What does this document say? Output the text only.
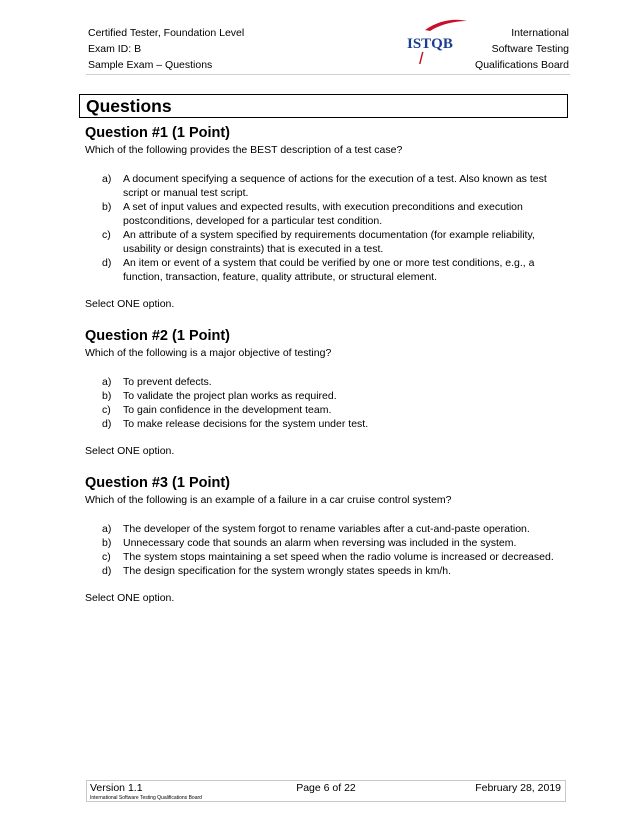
Certified Tester, Foundation Level
Exam ID: B
Sample Exam – Questions
ISTQB
International
Software Testing
Qualifications Board
Questions
Question #1 (1 Point)

Which of the following provides the BEST description of a test case?

a) A document specifying a sequence of actions for the execution of a test. Also known as test
script or manual test script.
b) A set of input values and expected results, with execution preconditions and execution
postconditions, developed for a particular test condition.
c) An attribute of a system specified by requirements documentation (for example reliability,
usability or design constraints) that is executed in a test.
d) An item or event of a system that could be verified by one or more test conditions, e.g., a
function, transaction, feature, quality attribute, or structural element.

Select ONE option.

Question #2 (1 Point)

Which of the following is a major objective of testing?

a) To prevent defects.
b) To validate the project plan works as required.
c) To gain confidence in the development team.
d) To make release decisions for the system under test.

Select ONE option.

Question #3 (1 Point)

Which of the following is an example of a failure in a car cruise control system?

a) The developer of the system forgot to rename variables after a cut-and-paste operation.
b) Unnecessary code that sounds an alarm when reversing was included in the system.
c) The system stops maintaining a set speed when the radio volume is increased or decreased.
d) The design specification for the system wrongly states speeds in km/h.

Select ONE option.

Version 1.1	Page 6 of 22	February 28, 2019
International Software Testing Qualifications Board
